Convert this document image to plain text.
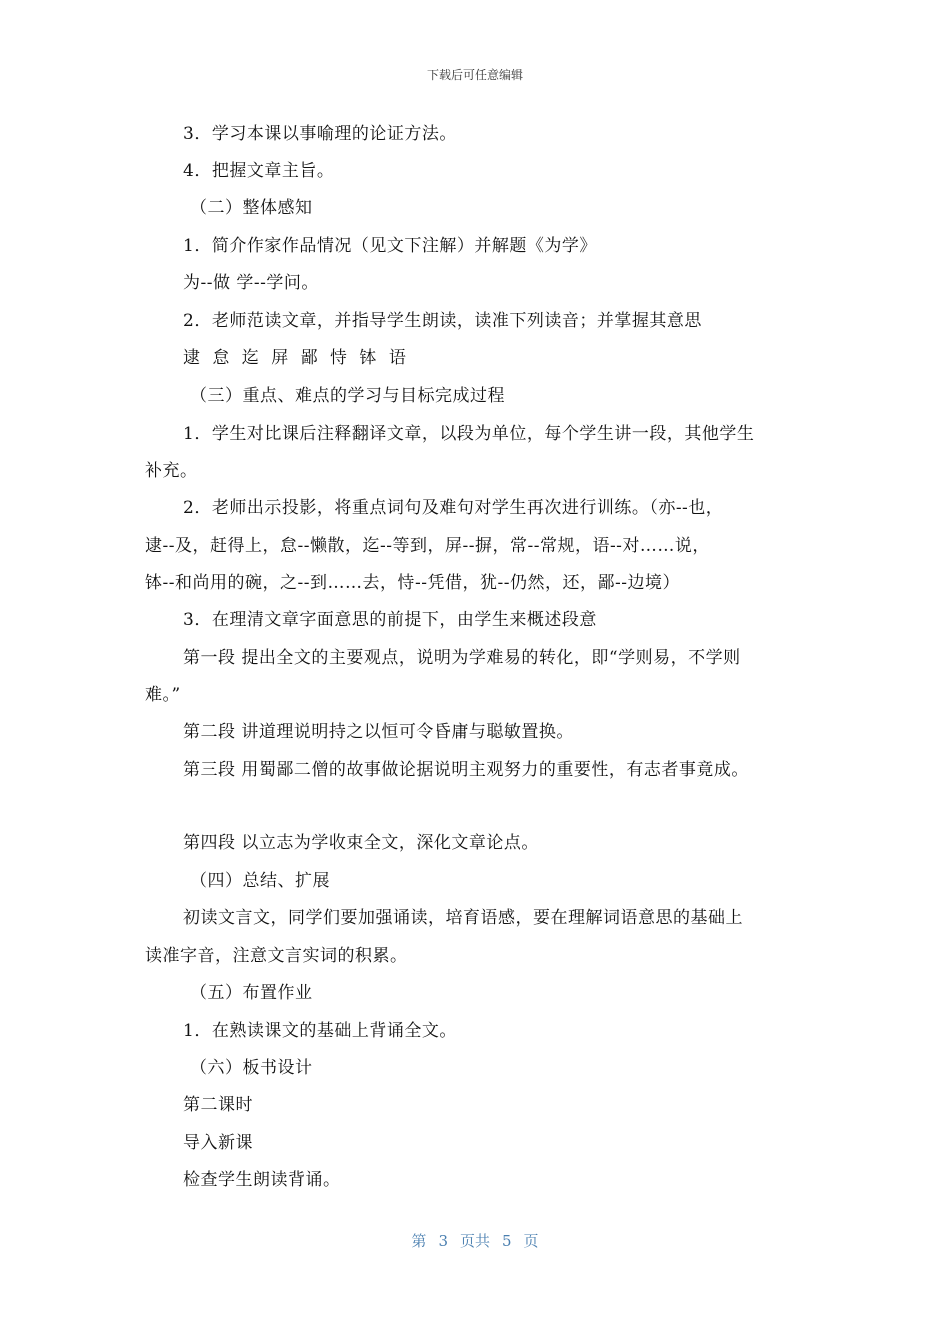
下载后可任意编辑
3．学习本课以事喻理的论证方法。
4．把握文章主旨。
（二）整体感知
1．简介作家作品情况（见文下注解）并解题《为学》
为--做 学--学问。
2．老师范读文章，并指导学生朗读，读准下列读音；并掌握其意思
逮 怠 迄 屏 鄙 恃 钵 语
（三）重点、难点的学习与目标完成过程
1．学生对比课后注释翻译文章，以段为单位，每个学生讲一段，其他学生
补充。
2．老师出示投影，将重点词句及难句对学生再次进行训练。（亦--也，
逮--及，赶得上，怠--懒散，迄--等到，屏--摒，常--常规，语--对……说，
钵--和尚用的碗，之--到……去，恃--凭借，犹--仍然，还，鄙--边境）
3．在理清文章字面意思的前提下，由学生来概述段意
第一段 提出全文的主要观点，说明为学难易的转化，即“学则易，不学则
难。”
第二段 讲道理说明持之以恒可令昏庸与聪敏置换。
第三段 用蜀鄙二僧的故事做论据说明主观努力的重要性，有志者事竟成。
第四段 以立志为学收束全文，深化文章论点。
（四）总结、扩展
初读文言文，同学们要加强诵读，培育语感，要在理解词语意思的基础上
读准字音，注意文言实词的积累。
（五）布置作业
1．在熟读课文的基础上背诵全文。
（六）板书设计
第二课时
导入新课
检查学生朗读背诵。
第 3 页共 5 页
